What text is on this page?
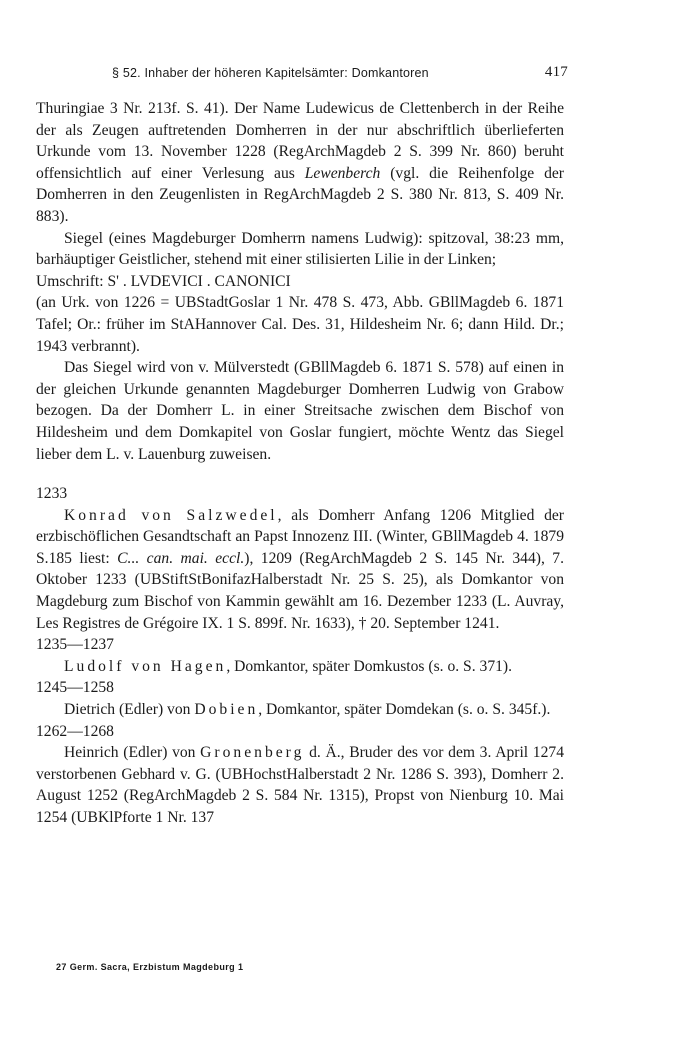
§ 52. Inhaber der höheren Kapitelsämter: Domkantoren	417

Thuringiae 3 Nr. 213f. S. 41). Der Name Ludewicus de Clettenberch in der Reihe der als Zeugen auftretenden Domherren in der nur abschriftlich überlieferten Urkunde vom 13. November 1228 (RegArchMagdeb 2 S. 399 Nr. 860) beruht offensichtlich auf einer Verlesung aus Lewenberch (vgl. die Reihenfolge der Domherren in den Zeugenlisten in RegArchMagdeb 2 S. 380 Nr. 813, S. 409 Nr. 883).

Siegel (eines Magdeburger Domherrn namens Ludwig): spitzoval, 38:23 mm, barhäuptiger Geistlicher, stehend mit einer stilisierten Lilie in der Linken;

Umschrift: S' . LVDEVICI . CANONICI

(an Urk. von 1226 = UBStadtGoslar 1 Nr. 478 S. 473, Abb. GBllMagdeb 6. 1871 Tafel; Or.: früher im StAHannover Cal. Des. 31, Hildesheim Nr. 6; dann Hild. Dr.; 1943 verbrannt).

Das Siegel wird von v. Mülverstedt (GBllMagdeb 6. 1871 S. 578) auf einen in der gleichen Urkunde genannten Magdeburger Domherren Ludwig von Grabow bezogen. Da der Domherr L. in einer Streitsache zwischen dem Bischof von Hildesheim und dem Domkapitel von Goslar fungiert, möchte Wentz das Siegel lieber dem L. v. Lauenburg zuweisen.

1233

Konrad von Salzwedel, als Domherr Anfang 1206 Mitglied der erzbischöflichen Gesandtschaft an Papst Innozenz III. (Winter, GBllMagdeb 4. 1879 S.185 liest: C... can. mai. eccl.), 1209 (RegArchMagdeb 2 S. 145 Nr. 344), 7. Oktober 1233 (UBStiftStBonifazHalberstadt Nr. 25 S. 25), als Domkantor von Magdeburg zum Bischof von Kammin gewählt am 16. Dezember 1233 (L. Auvray, Les Registres de Grégoire IX. 1 S. 899f. Nr. 1633), † 20. September 1241.

1235—1237

Ludolf von Hagen, Domkantor, später Domkustos (s. o. S. 371).

1245—1258

Dietrich (Edler) von Dobien, Domkantor, später Domdekan (s. o. S. 345f.).

1262—1268

Heinrich (Edler) von Gronenberg d. Ä., Bruder des vor dem 3. April 1274 verstorbenen Gebhard v. G. (UBHochstHalberstadt 2 Nr. 1286 S. 393), Domherr 2. August 1252 (RegArchMagdeb 2 S. 584 Nr. 1315), Propst von Nienburg 10. Mai 1254 (UBKlPforte 1 Nr. 137

27 Germ. Sacra, Erzbistum Magdeburg 1
